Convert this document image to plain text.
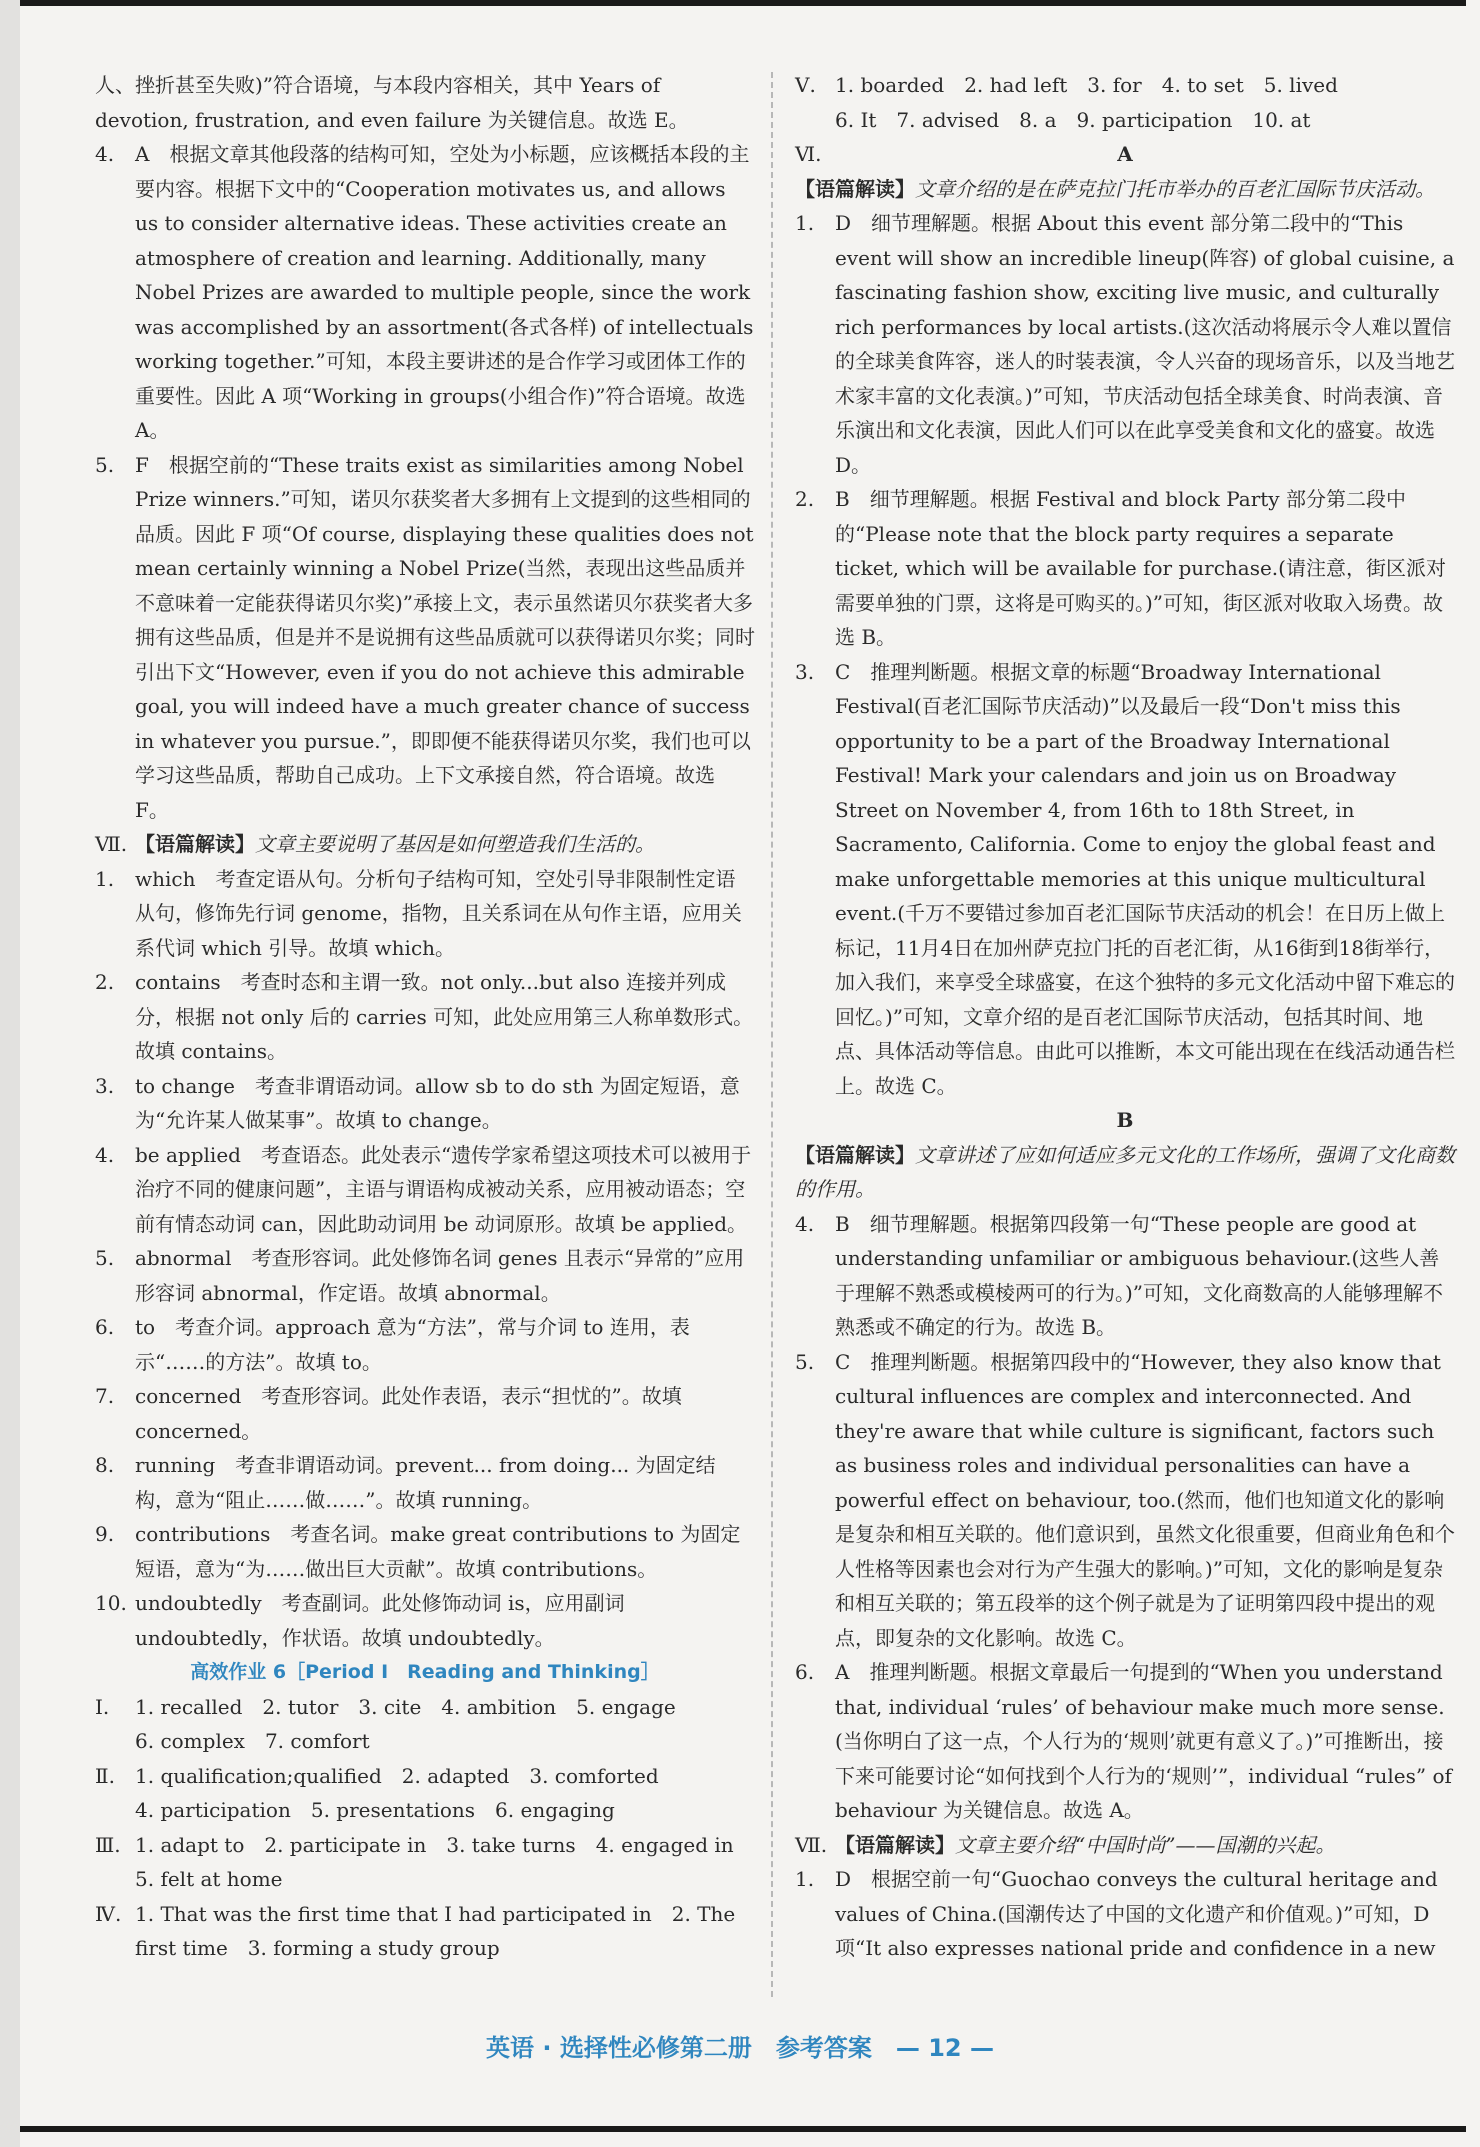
人、挫折甚至失败)”符合语境，与本段内容相关，其中 Years of devotion, frustration, and even failure 为关键信息。故选 E。

4. A　根据文章其他段落的结构可知，空处为小标题，应该概括本段的主要内容。根据下文中的“Cooperation motivates us, and allows us to consider alternative ideas. These activities create an atmosphere of creation and learning. Additionally, many Nobel Prizes are awarded to multiple people, since the work was accomplished by an assortment(各式各样) of intellectuals working together.”可知，本段主要讲述的是合作学习或团体工作的重要性。因此 A 项“Working in groups(小组合作)”符合语境。故选 A。

5. F　根据空前的“These traits exist as similarities among Nobel Prize winners.”可知，诺贝尔获奖者大多拥有上文提到的这些相同的品质。因此 F 项“Of course, displaying these qualities does not mean certainly winning a Nobel Prize(当然，表现出这些品质并不意味着一定能获得诺贝尔奖)”承接上文，表示虽然诺贝尔获奖者大多拥有这些品质，但是并不是说拥有这些品质就可以获得诺贝尔奖；同时引出下文“However, even if you do not achieve this admirable goal, you will indeed have a much greater chance of success in whatever you pursue.”，即即便不能获得诺贝尔奖，我们也可以学习这些品质，帮助自己成功。上下文承接自然，符合语境。故选 F。

Ⅶ. 【语篇解读】文章主要说明了基因是如何塑造我们生活的。

1. which　考查定语从句。分析句子结构可知，空处引导非限制性定语从句，修饰先行词 genome，指物，且关系词在从句作主语，应用关系代词 which 引导。故填 which。

2. contains　考查时态和主谓一致。not only...but also 连接并列成分，根据 not only 后的 carries 可知，此处应用第三人称单数形式。故填 contains。

3. to change　考查非谓语动词。allow sb to do sth 为固定短语，意为“允许某人做某事”。故填 to change。

4. be applied　考查语态。此处表示“遗传学家希望这项技术可以被用于治疗不同的健康问题”，主语与谓语构成被动关系，应用被动语态；空前有情态动词 can，因此助动词用 be 动词原形。故填 be applied。

5. abnormal　考查形容词。此处修饰名词 genes 且表示“异常的”应用形容词 abnormal，作定语。故填 abnormal。

6. to　考查介词。approach 意为“方法”，常与介词 to 连用，表示“……的方法”。故填 to。

7. concerned　考查形容词。此处作表语，表示“担忧的”。故填 concerned。

8. running　考查非谓语动词。prevent... from doing... 为固定结构，意为“阻止……做……”。故填 running。

9. contributions　考查名词。make great contributions to 为固定短语，意为“为……做出巨大贡献”。故填 contributions。

10. undoubtedly　考查副词。此处修饰动词 is，应用副词 undoubtedly，作状语。故填 undoubtedly。

高效作业 6［Period Ⅰ　Reading and Thinking］

Ⅰ. 1. recalled　2. tutor　3. cite　4. ambition　5. engage
6. complex　7. comfort
Ⅱ. 1. qualification;qualified　2. adapted　3. comforted
4. participation　5. presentations　6. engaging
Ⅲ. 1. adapt to　2. participate in　3. take turns　4. engaged in
5. felt at home
Ⅳ. 1. That was the first time that I had participated in　2. The
first time　3. forming a study group
Ⅴ. 1. boarded　2. had left　3. for　4. to set　5. lived
6. It　7. advised　8. a　9. participation　10. at

Ⅵ.	A

【语篇解读】文章介绍的是在萨克拉门托市举办的百老汇国际节庆活动。

1. D　细节理解题。根据 About this event 部分第二段中的“This event will show an incredible lineup(阵容) of global cuisine, a fascinating fashion show, exciting live music, and culturally rich performances by local artists.(这次活动将展示令人难以置信的全球美食阵容，迷人的时装表演，令人兴奋的现场音乐，以及当地艺术家丰富的文化表演。)”可知，节庆活动包括全球美食、时尚表演、音乐演出和文化表演，因此人们可以在此享受美食和文化的盛宴。故选 D。

2. B　细节理解题。根据 Festival and block Party 部分第二段中的“Please note that the block party requires a separate ticket, which will be available for purchase.(请注意，街区派对需要单独的门票，这将是可购买的。)”可知，街区派对收取入场费。故选 B。

3. C　推理判断题。根据文章的标题“Broadway International Festival(百老汇国际节庆活动)”以及最后一段“Don't miss this opportunity to be a part of the Broadway International Festival! Mark your calendars and join us on Broadway Street on November 4, from 16th to 18th Street, in Sacramento, California. Come to enjoy the global feast and make unforgettable memories at this unique multicultural event.(千万不要错过参加百老汇国际节庆活动的机会！在日历上做上标记，11月4日在加州萨克拉门托的百老汇街，从16街到18街举行，加入我们，来享受全球盛宴，在这个独特的多元文化活动中留下难忘的回忆。)”可知，文章介绍的是百老汇国际节庆活动，包括其时间、地点、具体活动等信息。由此可以推断，本文可能出现在在线活动通告栏上。故选 C。

B

【语篇解读】文章讲述了应如何适应多元文化的工作场所，强调了文化商数的作用。

4. B　细节理解题。根据第四段第一句“These people are good at understanding unfamiliar or ambiguous behaviour.(这些人善于理解不熟悉或模棱两可的行为。)”可知，文化商数高的人能够理解不熟悉或不确定的行为。故选 B。

5. C　推理判断题。根据第四段中的“However, they also know that cultural influences are complex and interconnected. And they're aware that while culture is significant, factors such as business roles and individual personalities can have a powerful effect on behaviour, too.(然而，他们也知道文化的影响是复杂和相互关联的。他们意识到，虽然文化很重要，但商业角色和个人性格等因素也会对行为产生强大的影响。)”可知，文化的影响是复杂和相互关联的；第五段举的这个例子就是为了证明第四段中提出的观点，即复杂的文化影响。故选 C。

6. A　推理判断题。根据文章最后一句提到的“When you understand that, individual ‘rules’ of behaviour make much more sense.(当你明白了这一点，个人行为的‘规则’就更有意义了。)”可推断出，接下来可能要讨论“如何找到个人行为的‘规则’”，individual “rules” of behaviour 为关键信息。故选 A。

Ⅶ. 【语篇解读】文章主要介绍“中国时尚”——国潮的兴起。

1. D　根据空前一句“Guochao conveys the cultural heritage and values of China.(国潮传达了中国的文化遗产和价值观。)”可知，D 项“It also expresses national pride and confidence in a new

英语 · 选择性必修第二册　参考答案　— 12 —
